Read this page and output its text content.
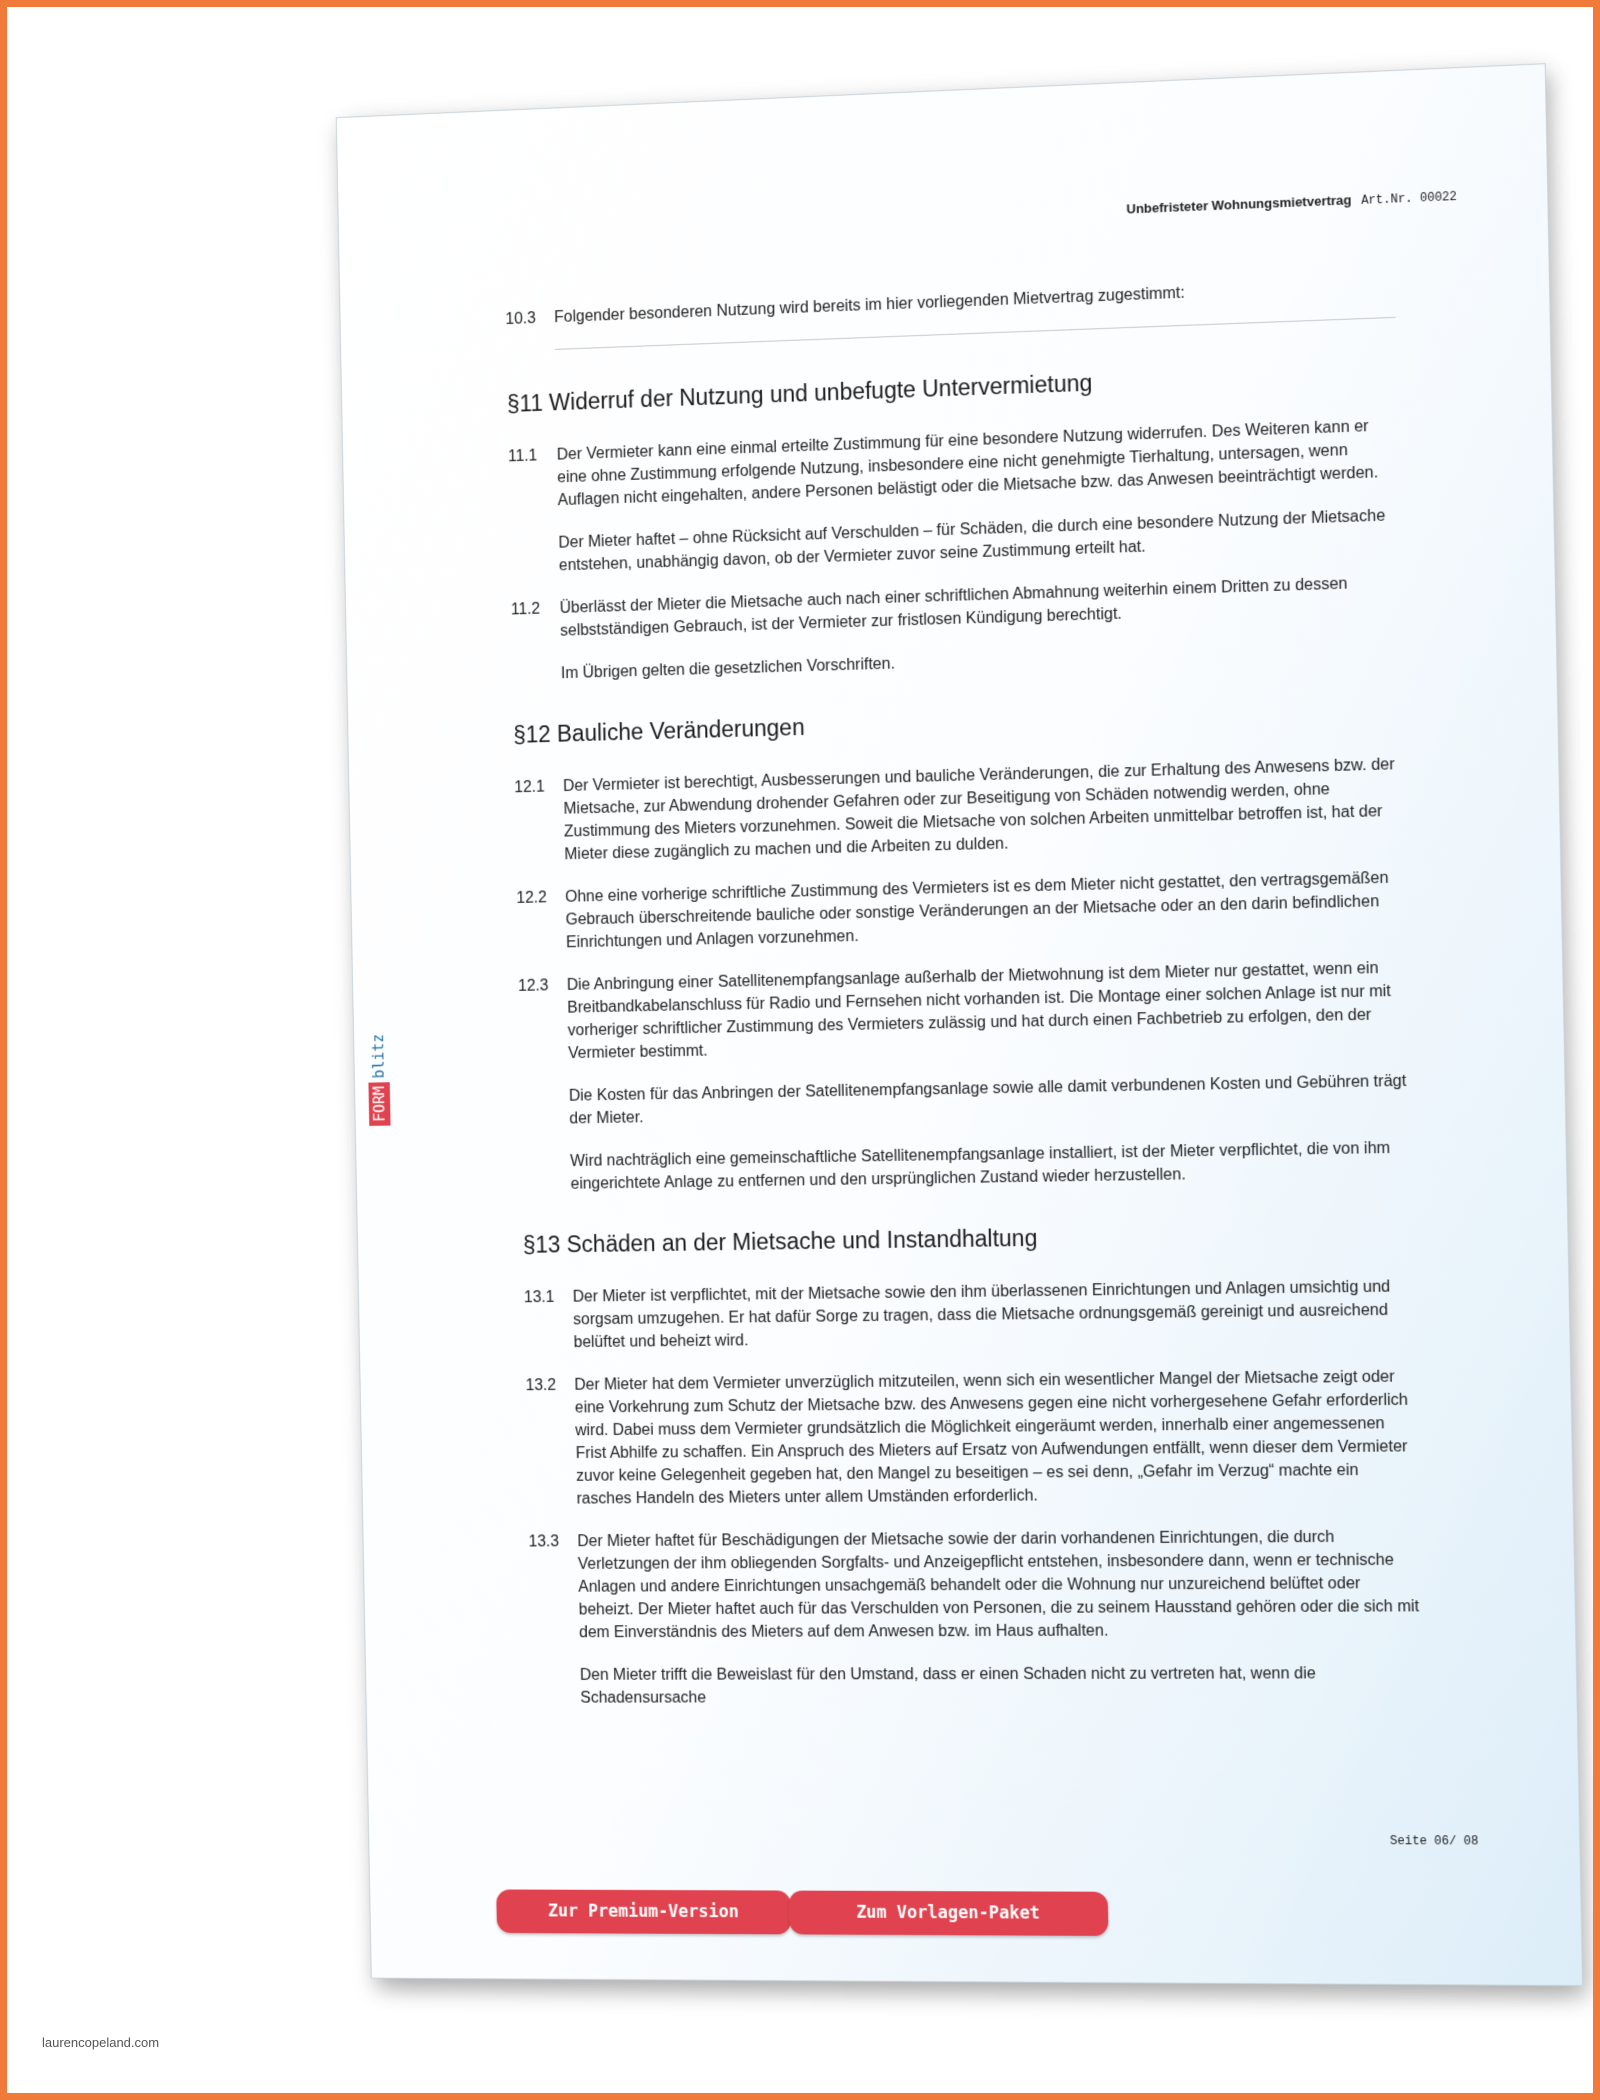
Unbefristeter Wohnungsmietvertrag Art.Nr. 00022
FORM
blitz
10.3	Folgender besonderen Nutzung wird bereits im hier vorliegenden Mietvertrag zugestimmt:

§11 Widerruf der Nutzung und unbefugte Untervermietung
11.1	Der Vermieter kann eine einmal erteilte Zustimmung für eine besondere Nutzung widerrufen. Des Weiteren kann er eine ohne Zustimmung erfolgende Nutzung, insbesondere eine nicht genehmigte Tierhaltung, untersagen, wenn Auflagen nicht eingehalten, andere Personen belästigt oder die Mietsache bzw. das Anwesen beeinträchtigt werden.

Der Mieter haftet – ohne Rücksicht auf Verschulden – für Schäden, die durch eine besondere Nutzung der Mietsache entstehen, unabhängig davon, ob der Vermieter zuvor seine Zustimmung erteilt hat.

11.2	Überlässt der Mieter die Mietsache auch nach einer schriftlichen Abmahnung weiterhin einem Dritten zu dessen selbstständigen Gebrauch, ist der Vermieter zur fristlosen Kündigung berechtigt.

Im Übrigen gelten die gesetzlichen Vorschriften.

§12 Bauliche Veränderungen
12.1	Der Vermieter ist berechtigt, Ausbesserungen und bauliche Veränderungen, die zur Erhaltung des Anwesens bzw. der Mietsache, zur Abwendung drohender Gefahren oder zur Beseitigung von Schäden notwendig werden, ohne Zustimmung des Mieters vorzunehmen. Soweit die Mietsache von solchen Arbeiten unmittelbar betroffen ist, hat der Mieter diese zugänglich zu machen und die Arbeiten zu dulden.

12.2	Ohne eine vorherige schriftliche Zustimmung des Vermieters ist es dem Mieter nicht gestattet, den vertragsgemäßen Gebrauch überschreitende bauliche oder sonstige Veränderungen an der Mietsache oder an den darin befindlichen Einrichtungen und Anlagen vorzunehmen.

12.3	Die Anbringung einer Satellitenempfangsanlage außerhalb der Mietwohnung ist dem Mieter nur gestattet, wenn ein Breitbandkabelanschluss für Radio und Fernsehen nicht vorhanden ist. Die Montage einer solchen Anlage ist nur mit vorheriger schriftlicher Zustimmung des Vermieters zulässig und hat durch einen Fachbetrieb zu erfolgen, den der Vermieter bestimmt.

Die Kosten für das Anbringen der Satellitenempfangsanlage sowie alle damit verbundenen Kosten und Gebühren trägt der Mieter.

Wird nachträglich eine gemeinschaftliche Satellitenempfangsanlage installiert, ist der Mieter verpflichtet, die von ihm eingerichtete Anlage zu entfernen und den ursprünglichen Zustand wieder herzustellen.

§13 Schäden an der Mietsache und Instandhaltung
13.1	Der Mieter ist verpflichtet, mit der Mietsache sowie den ihm überlassenen Einrichtungen und Anlagen umsichtig und sorgsam umzugehen. Er hat dafür Sorge zu tragen, dass die Mietsache ordnungsgemäß gereinigt und ausreichend belüftet und beheizt wird.

13.2	Der Mieter hat dem Vermieter unverzüglich mitzuteilen, wenn sich ein wesentlicher Mangel der Mietsache zeigt oder eine Vorkehrung zum Schutz der Mietsache bzw. des Anwesens gegen eine nicht vorhergesehene Gefahr erforderlich wird. Dabei muss dem Vermieter grundsätzlich die Möglichkeit eingeräumt werden, innerhalb einer angemessenen Frist Abhilfe zu schaffen. Ein Anspruch des Mieters auf Ersatz von Aufwendungen entfällt, wenn dieser dem Vermieter zuvor keine Gelegenheit gegeben hat, den Mangel zu beseitigen – es sei denn, „Gefahr im Verzug“ machte ein rasches Handeln des Mieters unter allem Umständen erforderlich.

13.3	Der Mieter haftet für Beschädigungen der Mietsache sowie der darin vorhandenen Einrichtungen, die durch Verletzungen der ihm obliegenden Sorgfalts- und Anzeigepflicht entstehen, insbesondere dann, wenn er technische Anlagen und andere Einrichtungen unsachgemäß behandelt oder die Wohnung nur unzureichend belüftet oder beheizt. Der Mieter haftet auch für das Verschulden von Personen, die zu seinem Hausstand gehören oder die sich mit dem Einverständnis des Mieters auf dem Anwesen bzw. im Haus aufhalten.

Den Mieter trifft die Beweislast für den Umstand, dass er einen Schaden nicht zu vertreten hat, wenn die Schadensursache

Seite 06/ 08
Zur Premium-Version	Zum Vorlagen-Paket
laurencopeland.com
